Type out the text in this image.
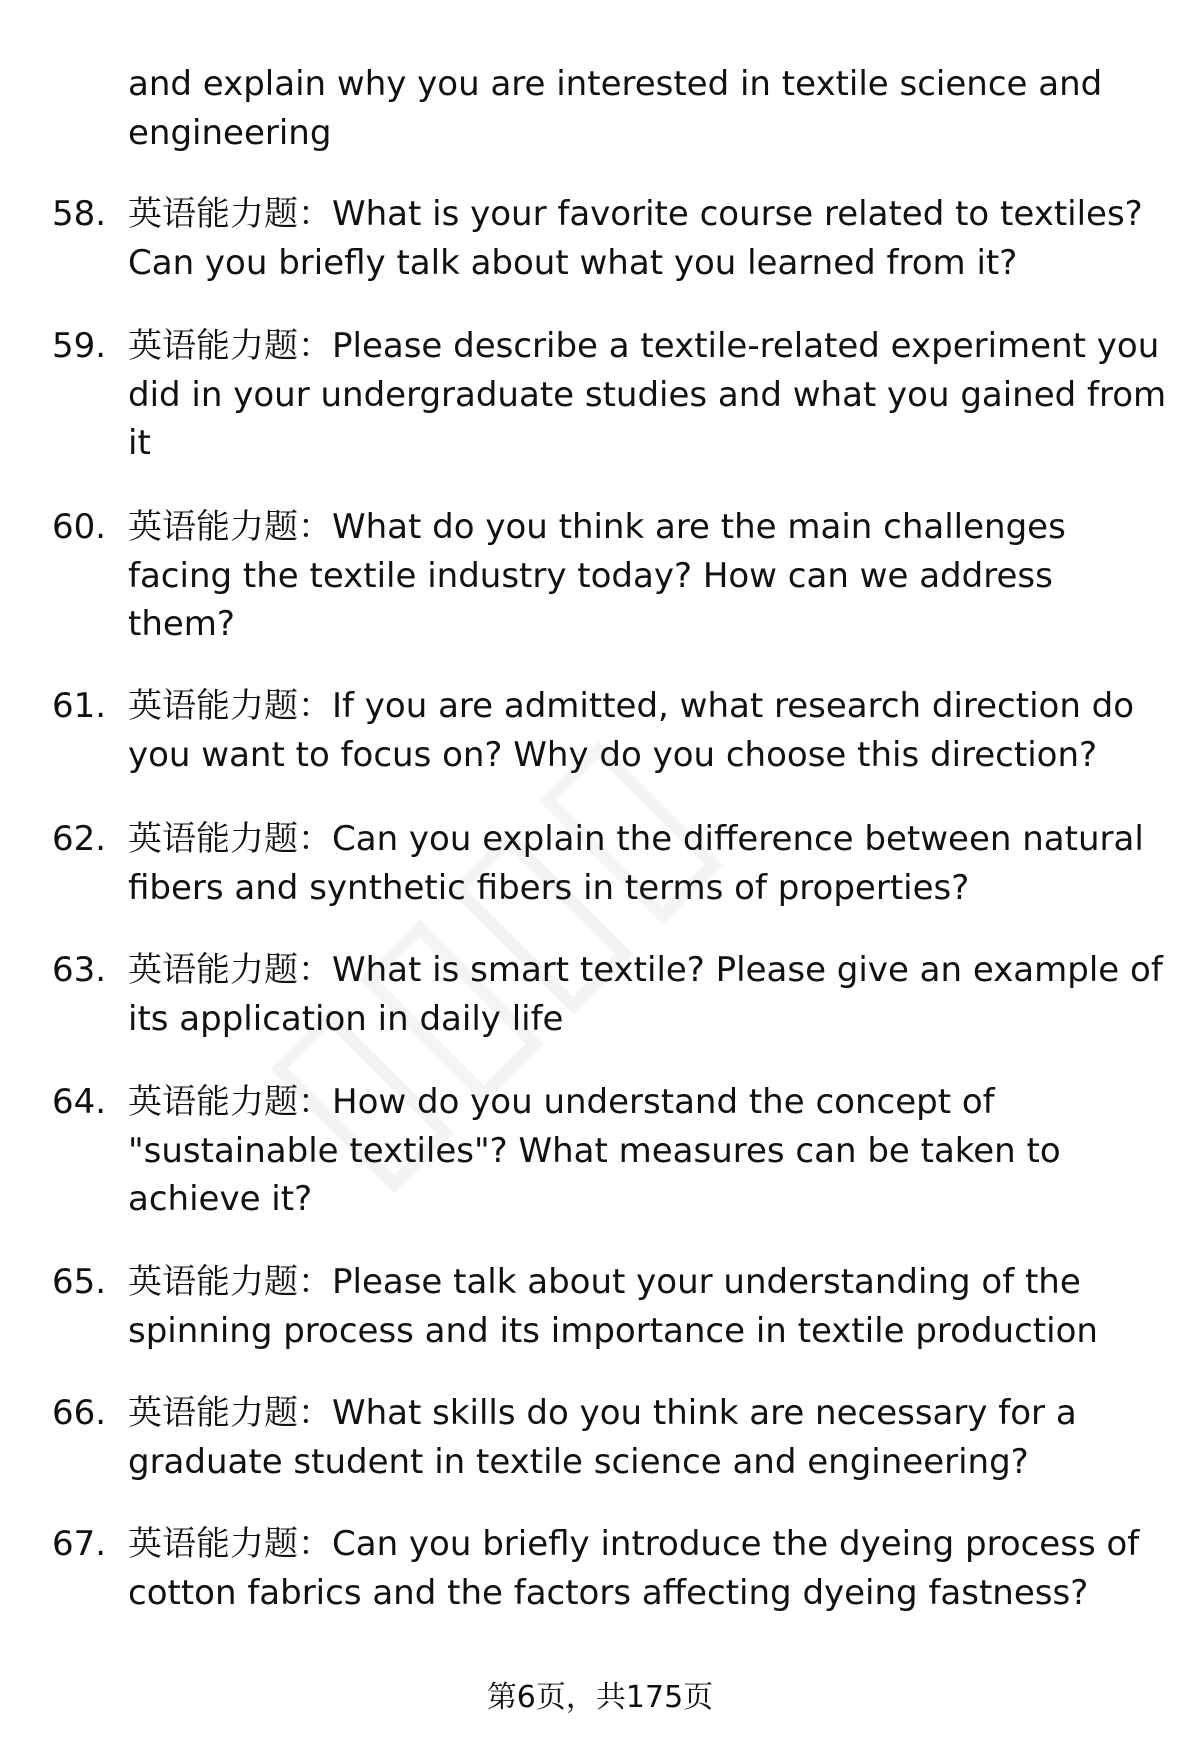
and explain why you are interested in textile science and engineering
58. 英语能力题：What is your favorite course related to textiles? Can you briefly talk about what you learned from it?
59. 英语能力题：Please describe a textile-related experiment you did in your undergraduate studies and what you gained from it
60. 英语能力题：What do you think are the main challenges facing the textile industry today? How can we address them?
61. 英语能力题：If you are admitted, what research direction do you want to focus on? Why do you choose this direction?
62. 英语能力题：Can you explain the difference between natural fibers and synthetic fibers in terms of properties?
63. 英语能力题：What is smart textile? Please give an example of its application in daily life
64. 英语能力题：How do you understand the concept of "sustainable textiles"? What measures can be taken to achieve it?
65. 英语能力题：Please talk about your understanding of the spinning process and its importance in textile production
66. 英语能力题：What skills do you think are necessary for a graduate student in textile science and engineering?
67. 英语能力题：Can you briefly introduce the dyeing process of cotton fabrics and the factors affecting dyeing fastness?
第6页，共175页
